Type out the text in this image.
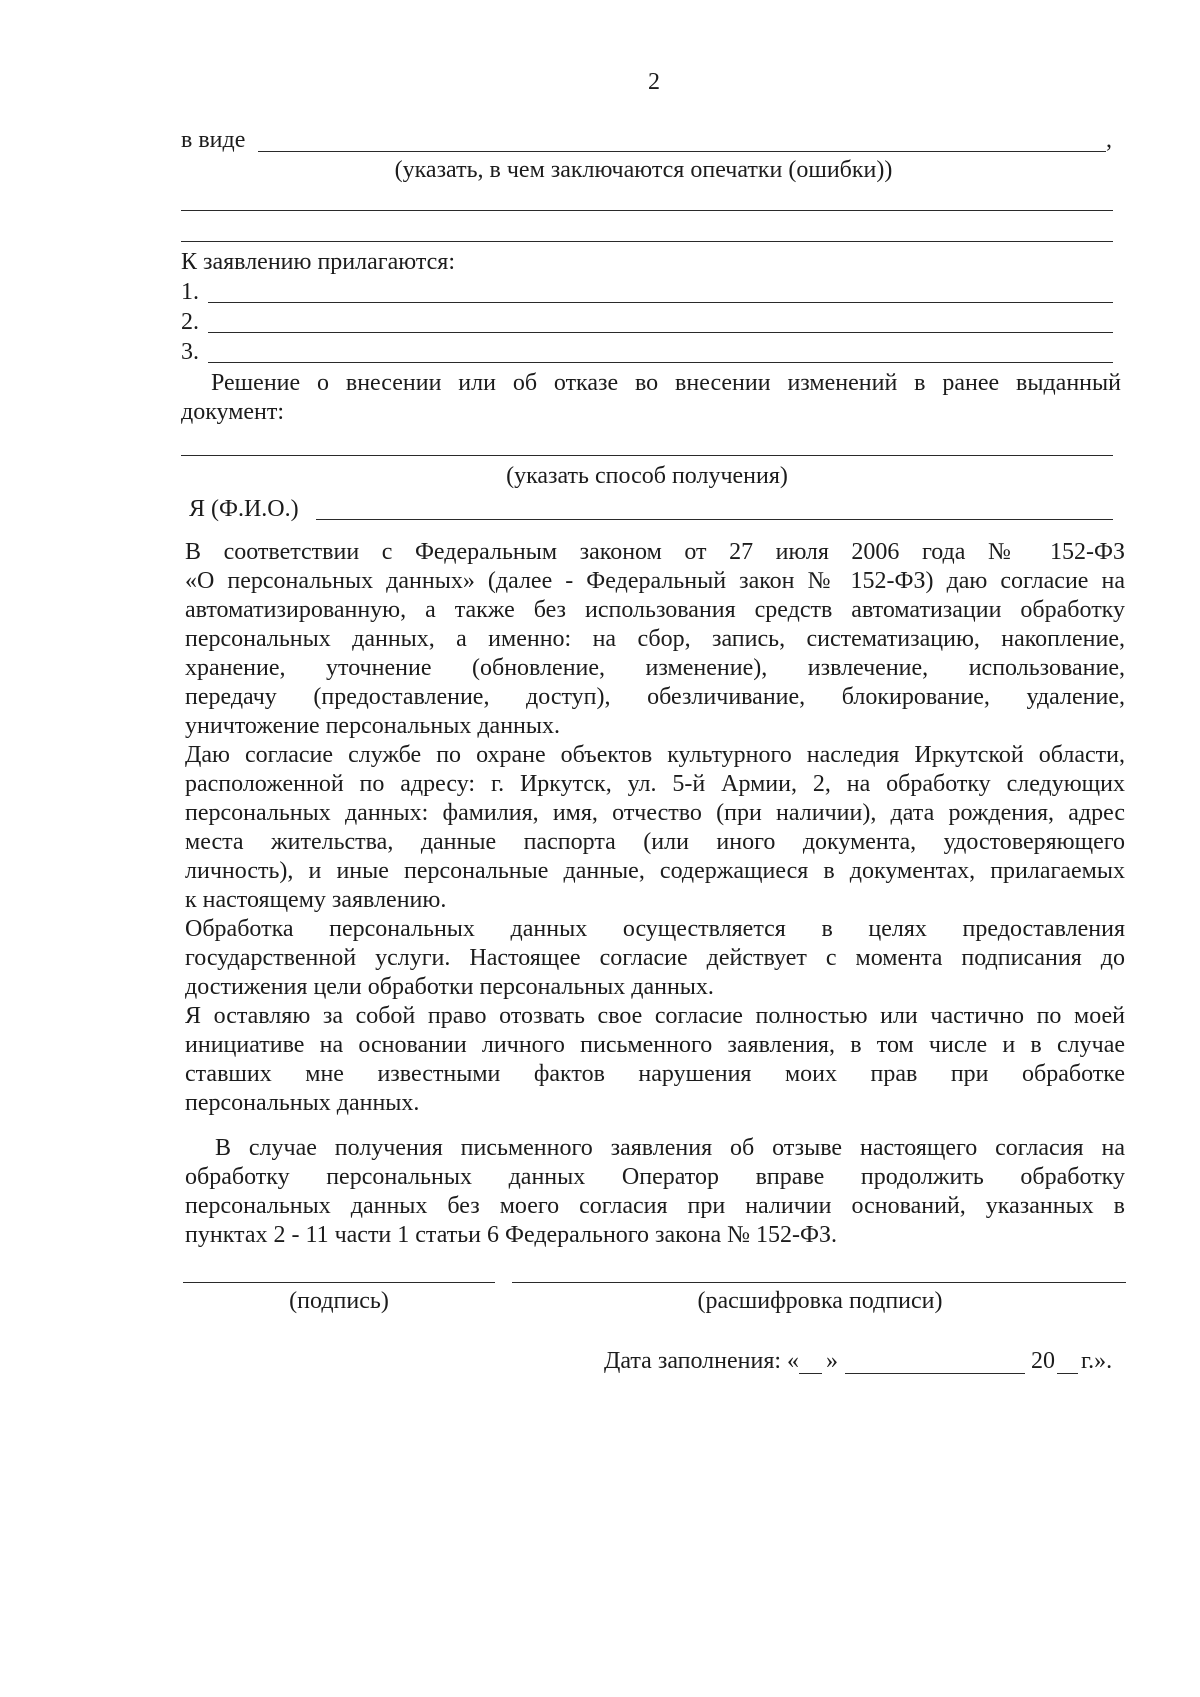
2
в виде	,
(указать, в чем заключаются опечатки (ошибки))
К заявлению прилагаются:
1.
2.
3.
Решение о внесении или об отказе во внесении изменений в ранее выданный
документ:
(указать способ получения)
Я (Ф.И.О.)
В соответствии с Федеральным законом от 27 июля 2006 года № 152-ФЗ
«О персональных данных» (далее - Федеральный закон № 152-ФЗ) даю согласие на
автоматизированную, а также без использования средств автоматизации обработку
персональных данных, а именно: на сбор, запись, систематизацию, накопление,
хранение, уточнение (обновление, изменение), извлечение, использование,
передачу (предоставление, доступ), обезличивание, блокирование, удаление,
уничтожение персональных данных.
Даю согласие службе по охране объектов культурного наследия Иркутской области,
расположенной по адресу: г. Иркутск, ул. 5-й Армии, 2, на обработку следующих
персональных данных: фамилия, имя, отчество (при наличии), дата рождения, адрес
места жительства, данные паспорта (или иного документа, удостоверяющего
личность), и иные персональные данные, содержащиеся в документах, прилагаемых
к настоящему заявлению.
Обработка персональных данных осуществляется в целях предоставления
государственной услуги. Настоящее согласие действует с момента подписания до
достижения цели обработки персональных данных.
Я оставляю за собой право отозвать свое согласие полностью или частично по моей
инициативе на основании личного письменного заявления, в том числе и в случае
ставших мне известными фактов нарушения моих прав при обработке
персональных данных.
В случае получения письменного заявления об отзыве настоящего согласия на
обработку персональных данных Оператор вправе продолжить обработку
персональных данных без моего согласия при наличии оснований, указанных в
пунктах 2 - 11 части 1 статьи 6 Федерального закона № 152-ФЗ.
(подпись)	(расшифровка подписи)
Дата заполнения: « »	20 г.».
